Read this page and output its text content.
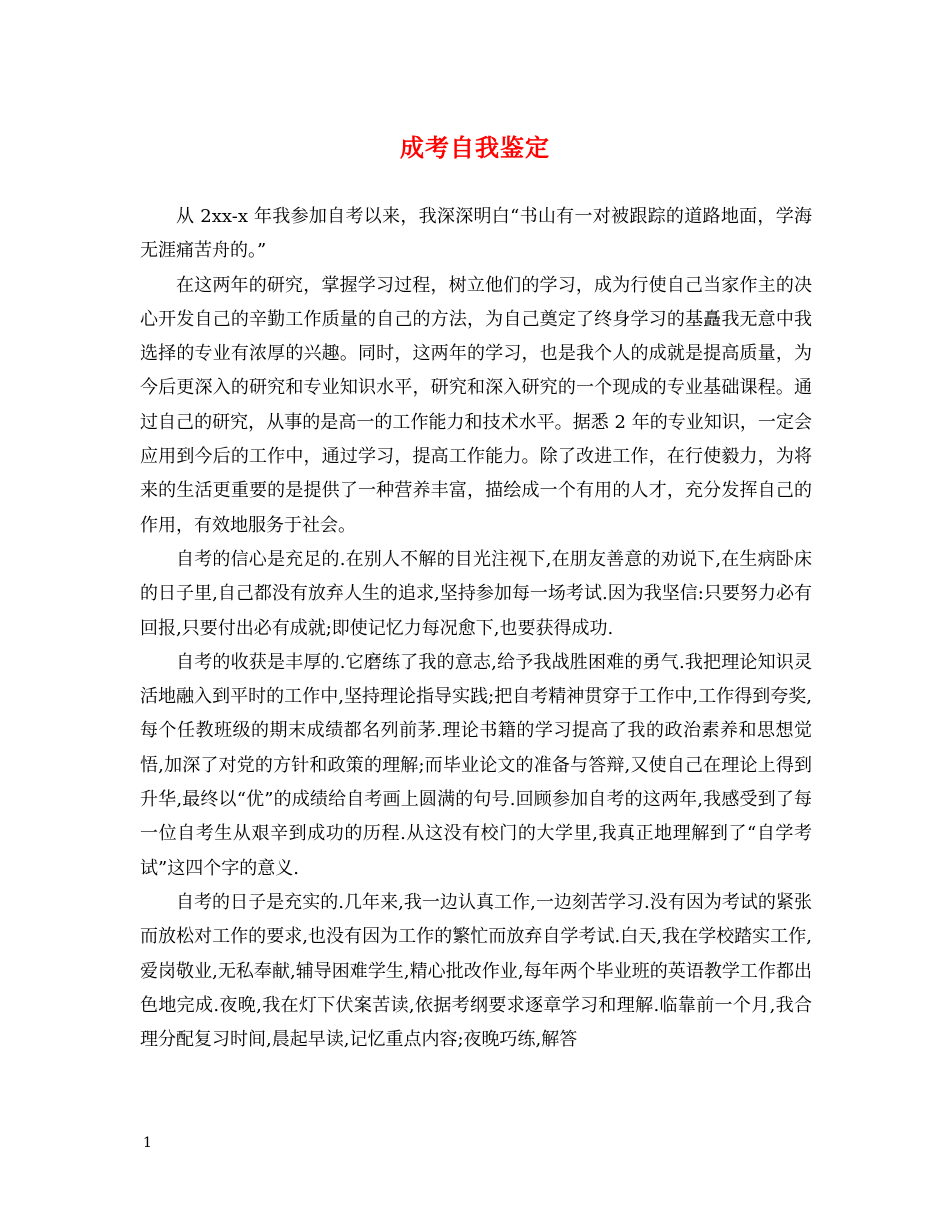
成考自我鉴定

从 2xx-x 年我参加自考以来，我深深明白“书山有一对被跟踪的道路地面，学海无涯痛苦舟的。”

在这两年的研究，掌握学习过程，树立他们的学习，成为行使自己当家作主的决心开发自己的辛勤工作质量的自己的方法，为自己奠定了终身学习的基矗我无意中我选择的专业有浓厚的兴趣。同时，这两年的学习，也是我个人的成就是提高质量，为今后更深入的研究和专业知识水平，研究和深入研究的一个现成的专业基础课程。通过自己的研究，从事的是高一的工作能力和技术水平。据悉 2 年的专业知识，一定会应用到今后的工作中，通过学习，提高工作能力。除了改进工作，在行使毅力，为将来的生活更重要的是提供了一种营养丰富，描绘成一个有用的人才，充分发挥自己的作用，有效地服务于社会。

自考的信心是充足的.在别人不解的目光注视下,在朋友善意的劝说下,在生病卧床的日子里,自己都没有放弃人生的追求,坚持参加每一场考试.因为我坚信:只要努力必有回报,只要付出必有成就;即使记忆力每况愈下,也要获得成功.

自考的收获是丰厚的.它磨练了我的意志,给予我战胜困难的勇气.我把理论知识灵活地融入到平时的工作中,坚持理论指导实践;把自考精神贯穿于工作中,工作得到夸奖,每个任教班级的期末成绩都名列前茅.理论书籍的学习提高了我的政治素养和思想觉悟,加深了对党的方针和政策的理解;而毕业论文的准备与答辩,又使自己在理论上得到升华,最终以“优”的成绩给自考画上圆满的句号.回顾参加自考的这两年,我感受到了每一位自考生从艰辛到成功的历程.从这没有校门的大学里,我真正地理解到了“自学考试”这四个字的意义.

自考的日子是充实的.几年来,我一边认真工作,一边刻苦学习.没有因为考试的紧张而放松对工作的要求,也没有因为工作的繁忙而放弃自学考试.白天,我在学校踏实工作,爱岗敬业,无私奉献,辅导困难学生,精心批改作业,每年两个毕业班的英语教学工作都出色地完成.夜晚,我在灯下伏案苦读,依据考纲要求逐章学习和理解.临靠前一个月,我合理分配复习时间,晨起早读,记忆重点内容;夜晚巧练,解答

1
